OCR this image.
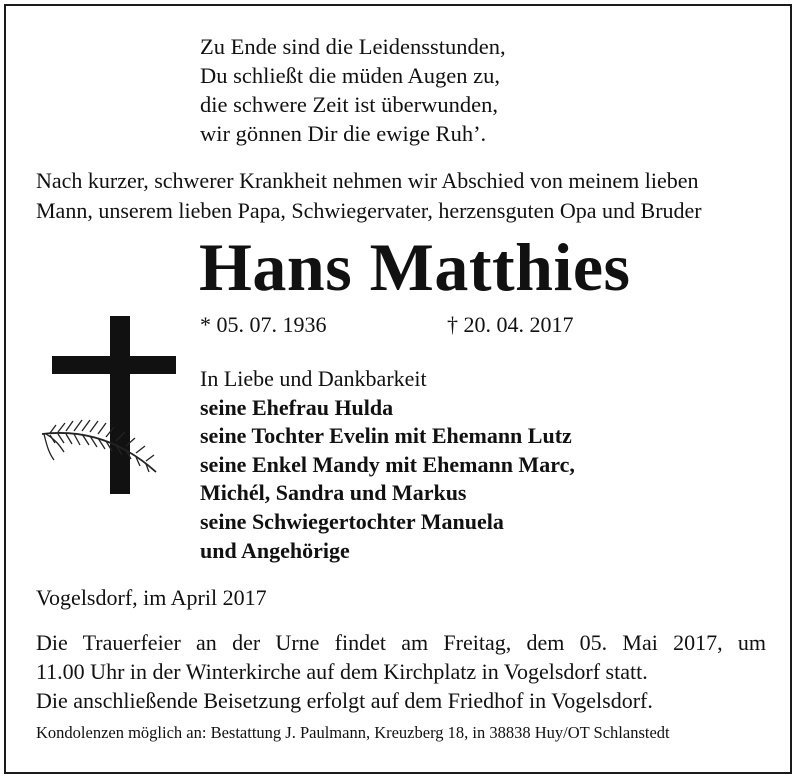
Zu Ende sind die Leidensstunden,
Du schließt die müden Augen zu,
die schwere Zeit ist überwunden,
wir gönnen Dir die ewige Ruh’.
Nach kurzer, schwerer Krankheit nehmen wir Abschied von meinem lieben
Mann, unserem lieben Papa, Schwiegervater, herzensguten Opa und Bruder
Hans Matthies
* 05. 07. 1936	† 20. 04. 2017
In Liebe und Dankbarkeit
seine Ehefrau Hulda
seine Tochter Evelin mit Ehemann Lutz
seine Enkel Mandy mit Ehemann Marc,
Michél, Sandra und Markus
seine Schwiegertochter Manuela
und Angehörige
Vogelsdorf, im April 2017
Die Trauerfeier an der Urne findet am Freitag, dem 05. Mai 2017, um
11.00 Uhr in der Winterkirche auf dem Kirchplatz in Vogelsdorf statt.
Die anschließende Beisetzung erfolgt auf dem Friedhof in Vogelsdorf.
Kondolenzen möglich an: Bestattung J. Paulmann, Kreuzberg 18, in 38838 Huy/OT Schlanstedt
